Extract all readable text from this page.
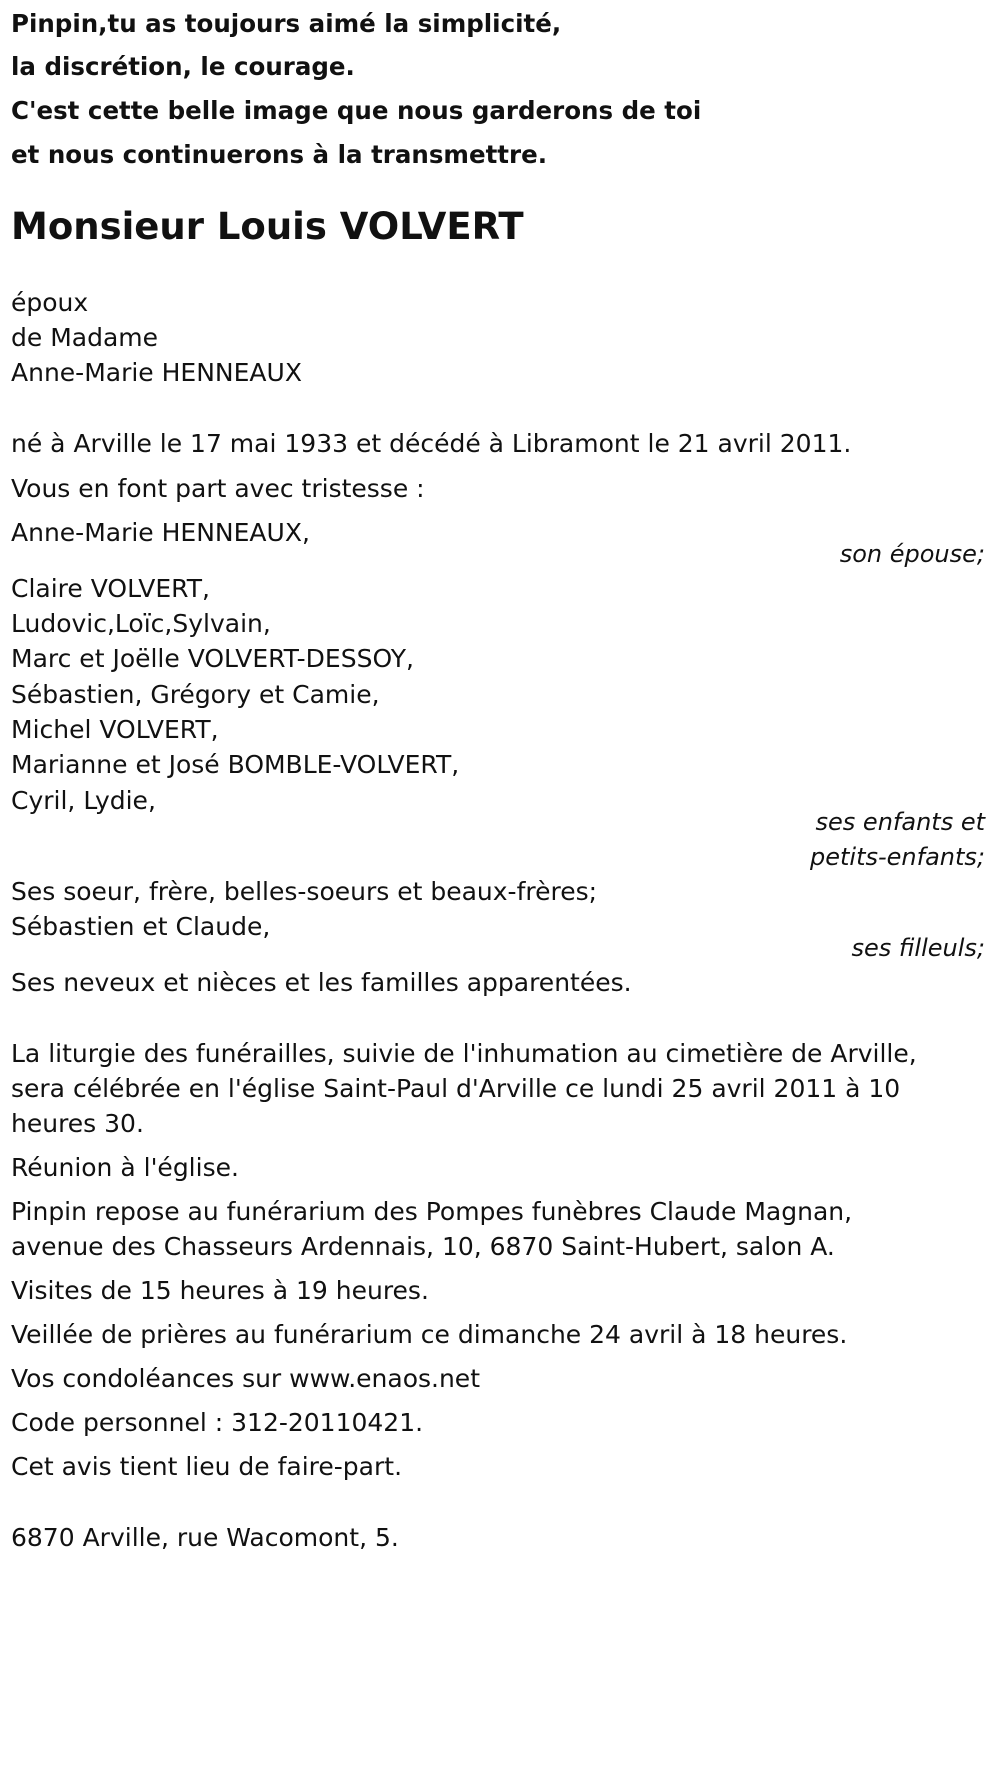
Pinpin,tu as toujours aimé la simplicité,
la discrétion, le courage.
C'est cette belle image que nous garderons de toi
et nous continuerons à la transmettre.
Monsieur Louis VOLVERT
époux
de Madame
Anne-Marie HENNEAUX
né à Arville le 17 mai 1933 et décédé à Libramont le 21 avril 2011.
Vous en font part avec tristesse :
Anne-Marie HENNEAUX,
son épouse;
Claire VOLVERT,
Ludovic,Loïc,Sylvain,
Marc et Joëlle VOLVERT-DESSOY,
Sébastien, Grégory et Camie,
Michel VOLVERT,
Marianne et José BOMBLE-VOLVERT,
Cyril, Lydie,
ses enfants et
petits-enfants;
Ses soeur, frère, belles-soeurs et beaux-frères;
Sébastien et Claude,
ses filleuls;
Ses neveux et nièces et les familles apparentées.
La liturgie des funérailles, suivie de l'inhumation au cimetière de Arville,
sera célébrée en l'église Saint-Paul d'Arville ce lundi 25 avril 2011 à 10
heures 30.
Réunion à l'église.
Pinpin repose au funérarium des Pompes funèbres Claude Magnan,
avenue des Chasseurs Ardennais, 10, 6870 Saint-Hubert, salon A.
Visites de 15 heures à 19 heures.
Veillée de prières au funérarium ce dimanche 24 avril à 18 heures.
Vos condoléances sur www.enaos.net
Code personnel : 312-20110421.
Cet avis tient lieu de faire-part.
6870 Arville, rue Wacomont, 5.
